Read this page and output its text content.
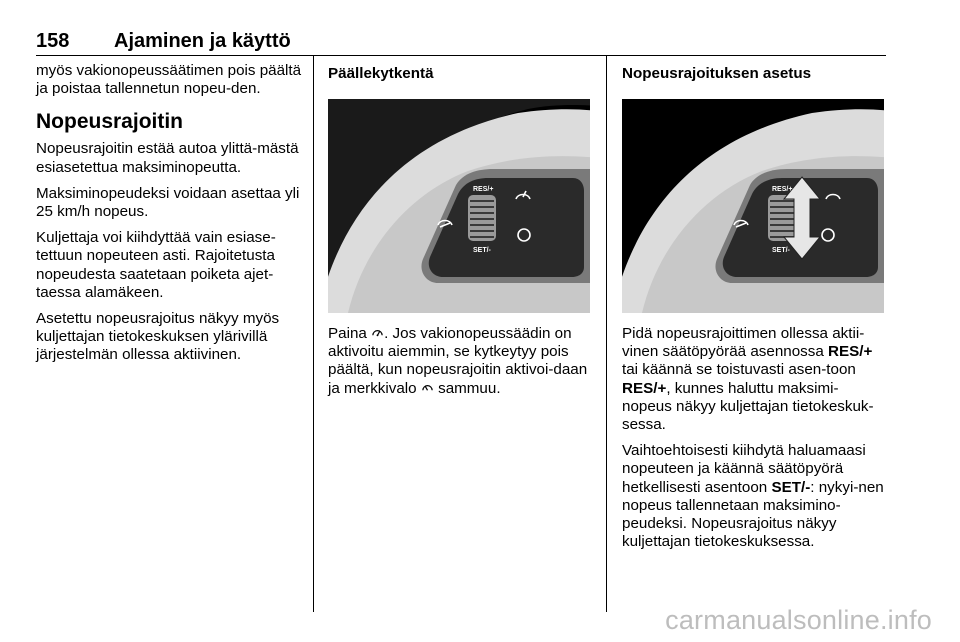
158 Ajaminen ja käyttö

myös vakionopeussäätimen pois päältä ja poistaa tallennetun nopeu-den.

Nopeusrajoitin

Nopeusrajoitin estää autoa ylittä-mästä esiasetettua maksiminopeutta.

Maksiminopeudeksi voidaan asettaa yli 25 km/h nopeus.

Kuljettaja voi kiihdyttää vain esiase-tettuun nopeuteen asti. Rajoitetusta nopeudesta saatetaan poiketa ajet-taessa alamäkeen.

Asetettu nopeusrajoitus näkyy myös kuljettajan tietokeskuksen ylärivillä järjestelmän ollessa aktiivinen.

Päällekytkentä
RES/+
SET/-

Paina . Jos vakionopeussäädin on aktivoitu aiemmin, se kytkeytyy pois päältä, kun nopeusrajoitin aktivoi-daan ja merkkivalo sammuu.

Nopeusrajoituksen asetus
RES/+
SET/-

Pidä nopeusrajoittimen ollessa aktii-vinen säätöpyörää asennossa RES/+ tai käännä se toistuvasti asen-toon RES/+, kunnes haluttu maksimi-nopeus näkyy kuljettajan tietokeskuk-sessa.

Vaihtoehtoisesti kiihdytä haluamaasi nopeuteen ja käännä säätöpyörä hetkellisesti asentoon SET/-: nykyi-nen nopeus tallennetaan maksimino-peudeksi. Nopeusrajoitus näkyy kuljettajan tietokeskuksessa.

carmanualsonline.info
